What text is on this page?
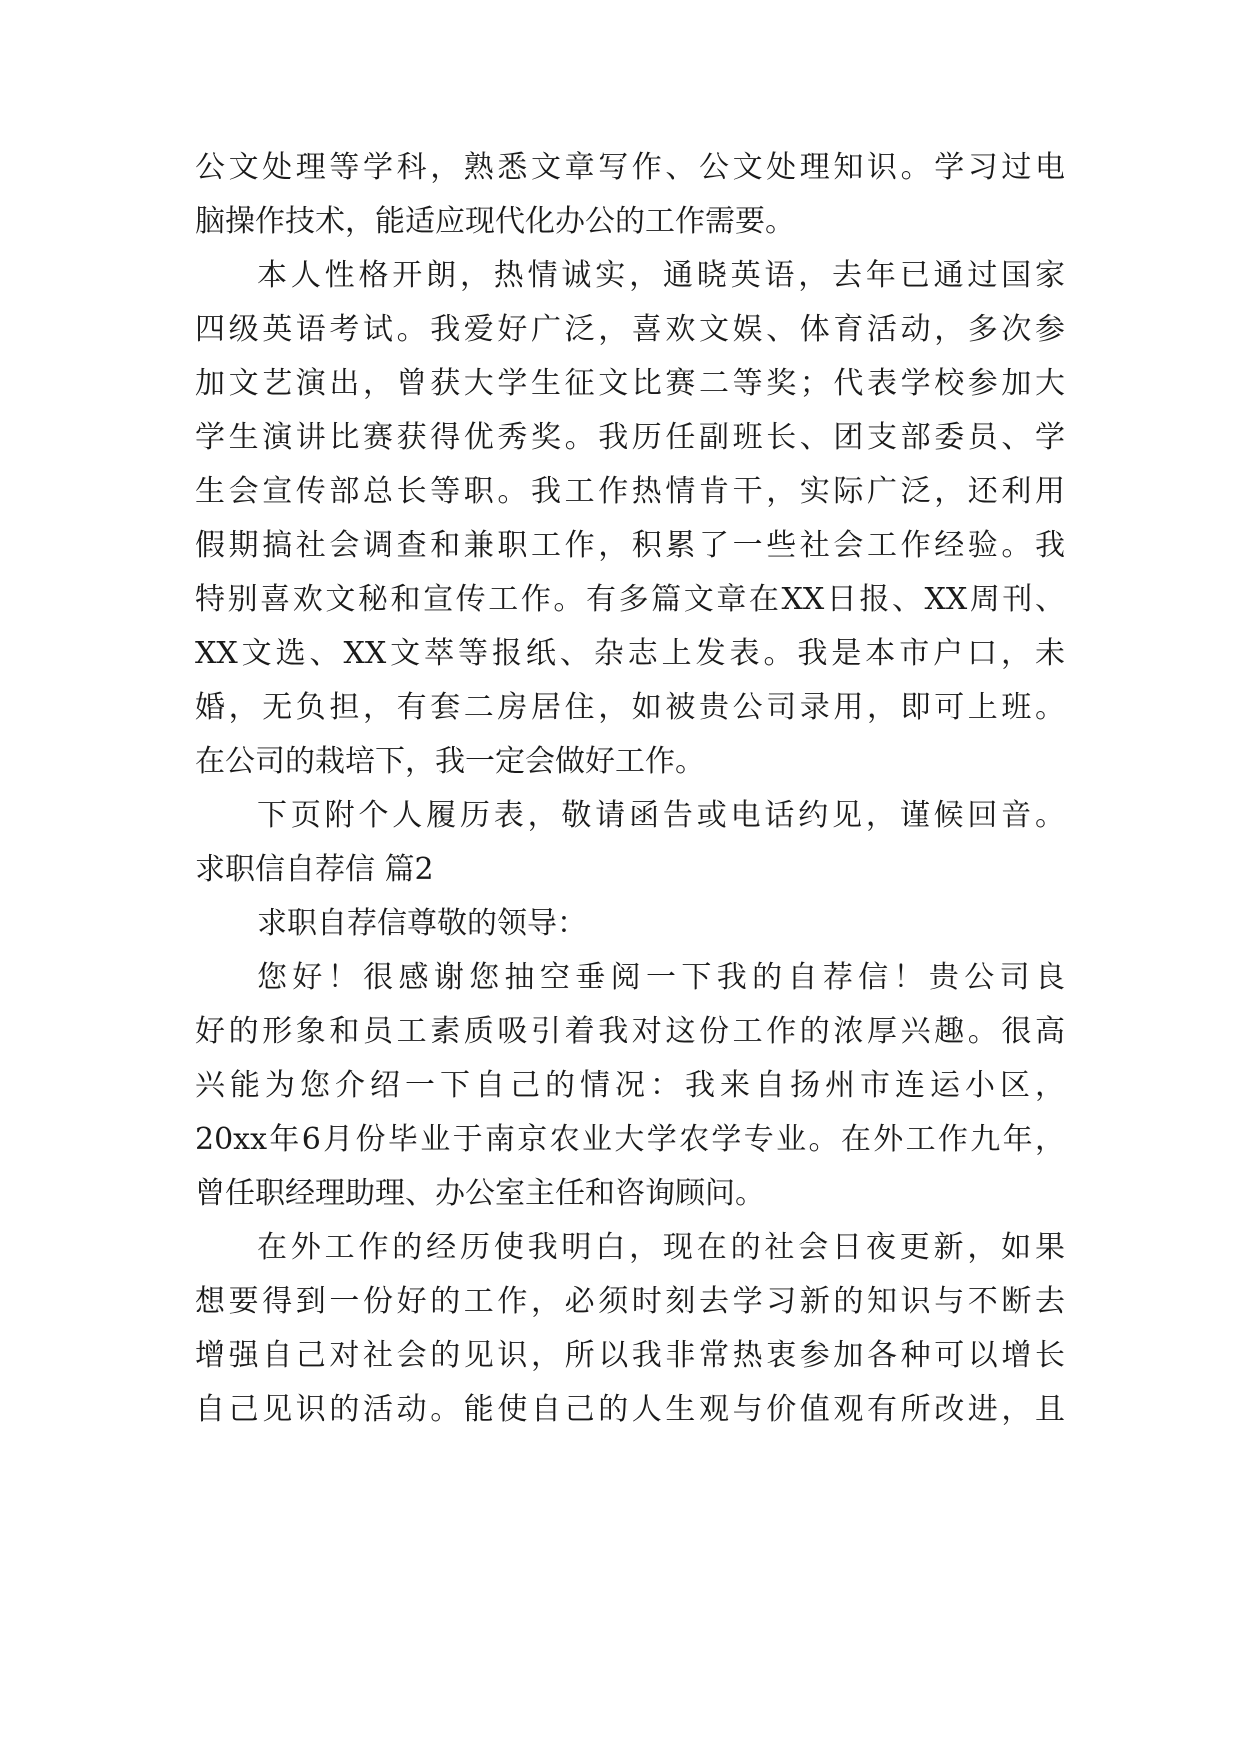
公文处理等学科，熟悉文章写作、公文处理知识。学习过电
脑操作技术，能适应现代化办公的工作需要。
本人性格开朗，热情诚实，通晓英语，去年已通过国家
四级英语考试。我爱好广泛，喜欢文娱、体育活动，多次参
加文艺演出，曾获大学生征文比赛二等奖；代表学校参加大
学生演讲比赛获得优秀奖。我历任副班长、团支部委员、学
生会宣传部总长等职。我工作热情肯干，实际广泛，还利用
假期搞社会调查和兼职工作，积累了一些社会工作经验。我
特别喜欢文秘和宣传工作。有多篇文章在XX日报、XX周刊、
XX文选、XX文萃等报纸、杂志上发表。我是本市户口，未
婚，无负担，有套二房居住，如被贵公司录用，即可上班。
在公司的栽培下，我一定会做好工作。
下页附个人履历表，敬请函告或电话约见，谨候回音。
求职信自荐信 篇2
求职自荐信尊敬的领导：
您好！很感谢您抽空垂阅一下我的自荐信！贵公司良
好的形象和员工素质吸引着我对这份工作的浓厚兴趣。很高
兴能为您介绍一下自己的情况：我来自扬州市连运小区，
20xx年6月份毕业于南京农业大学农学专业。在外工作九年，
曾任职经理助理、办公室主任和咨询顾问。
在外工作的经历使我明白，现在的社会日夜更新，如果
想要得到一份好的工作，必须时刻去学习新的知识与不断去
增强自己对社会的见识，所以我非常热衷参加各种可以增长
自己见识的活动。能使自己的人生观与价值观有所改进，且
